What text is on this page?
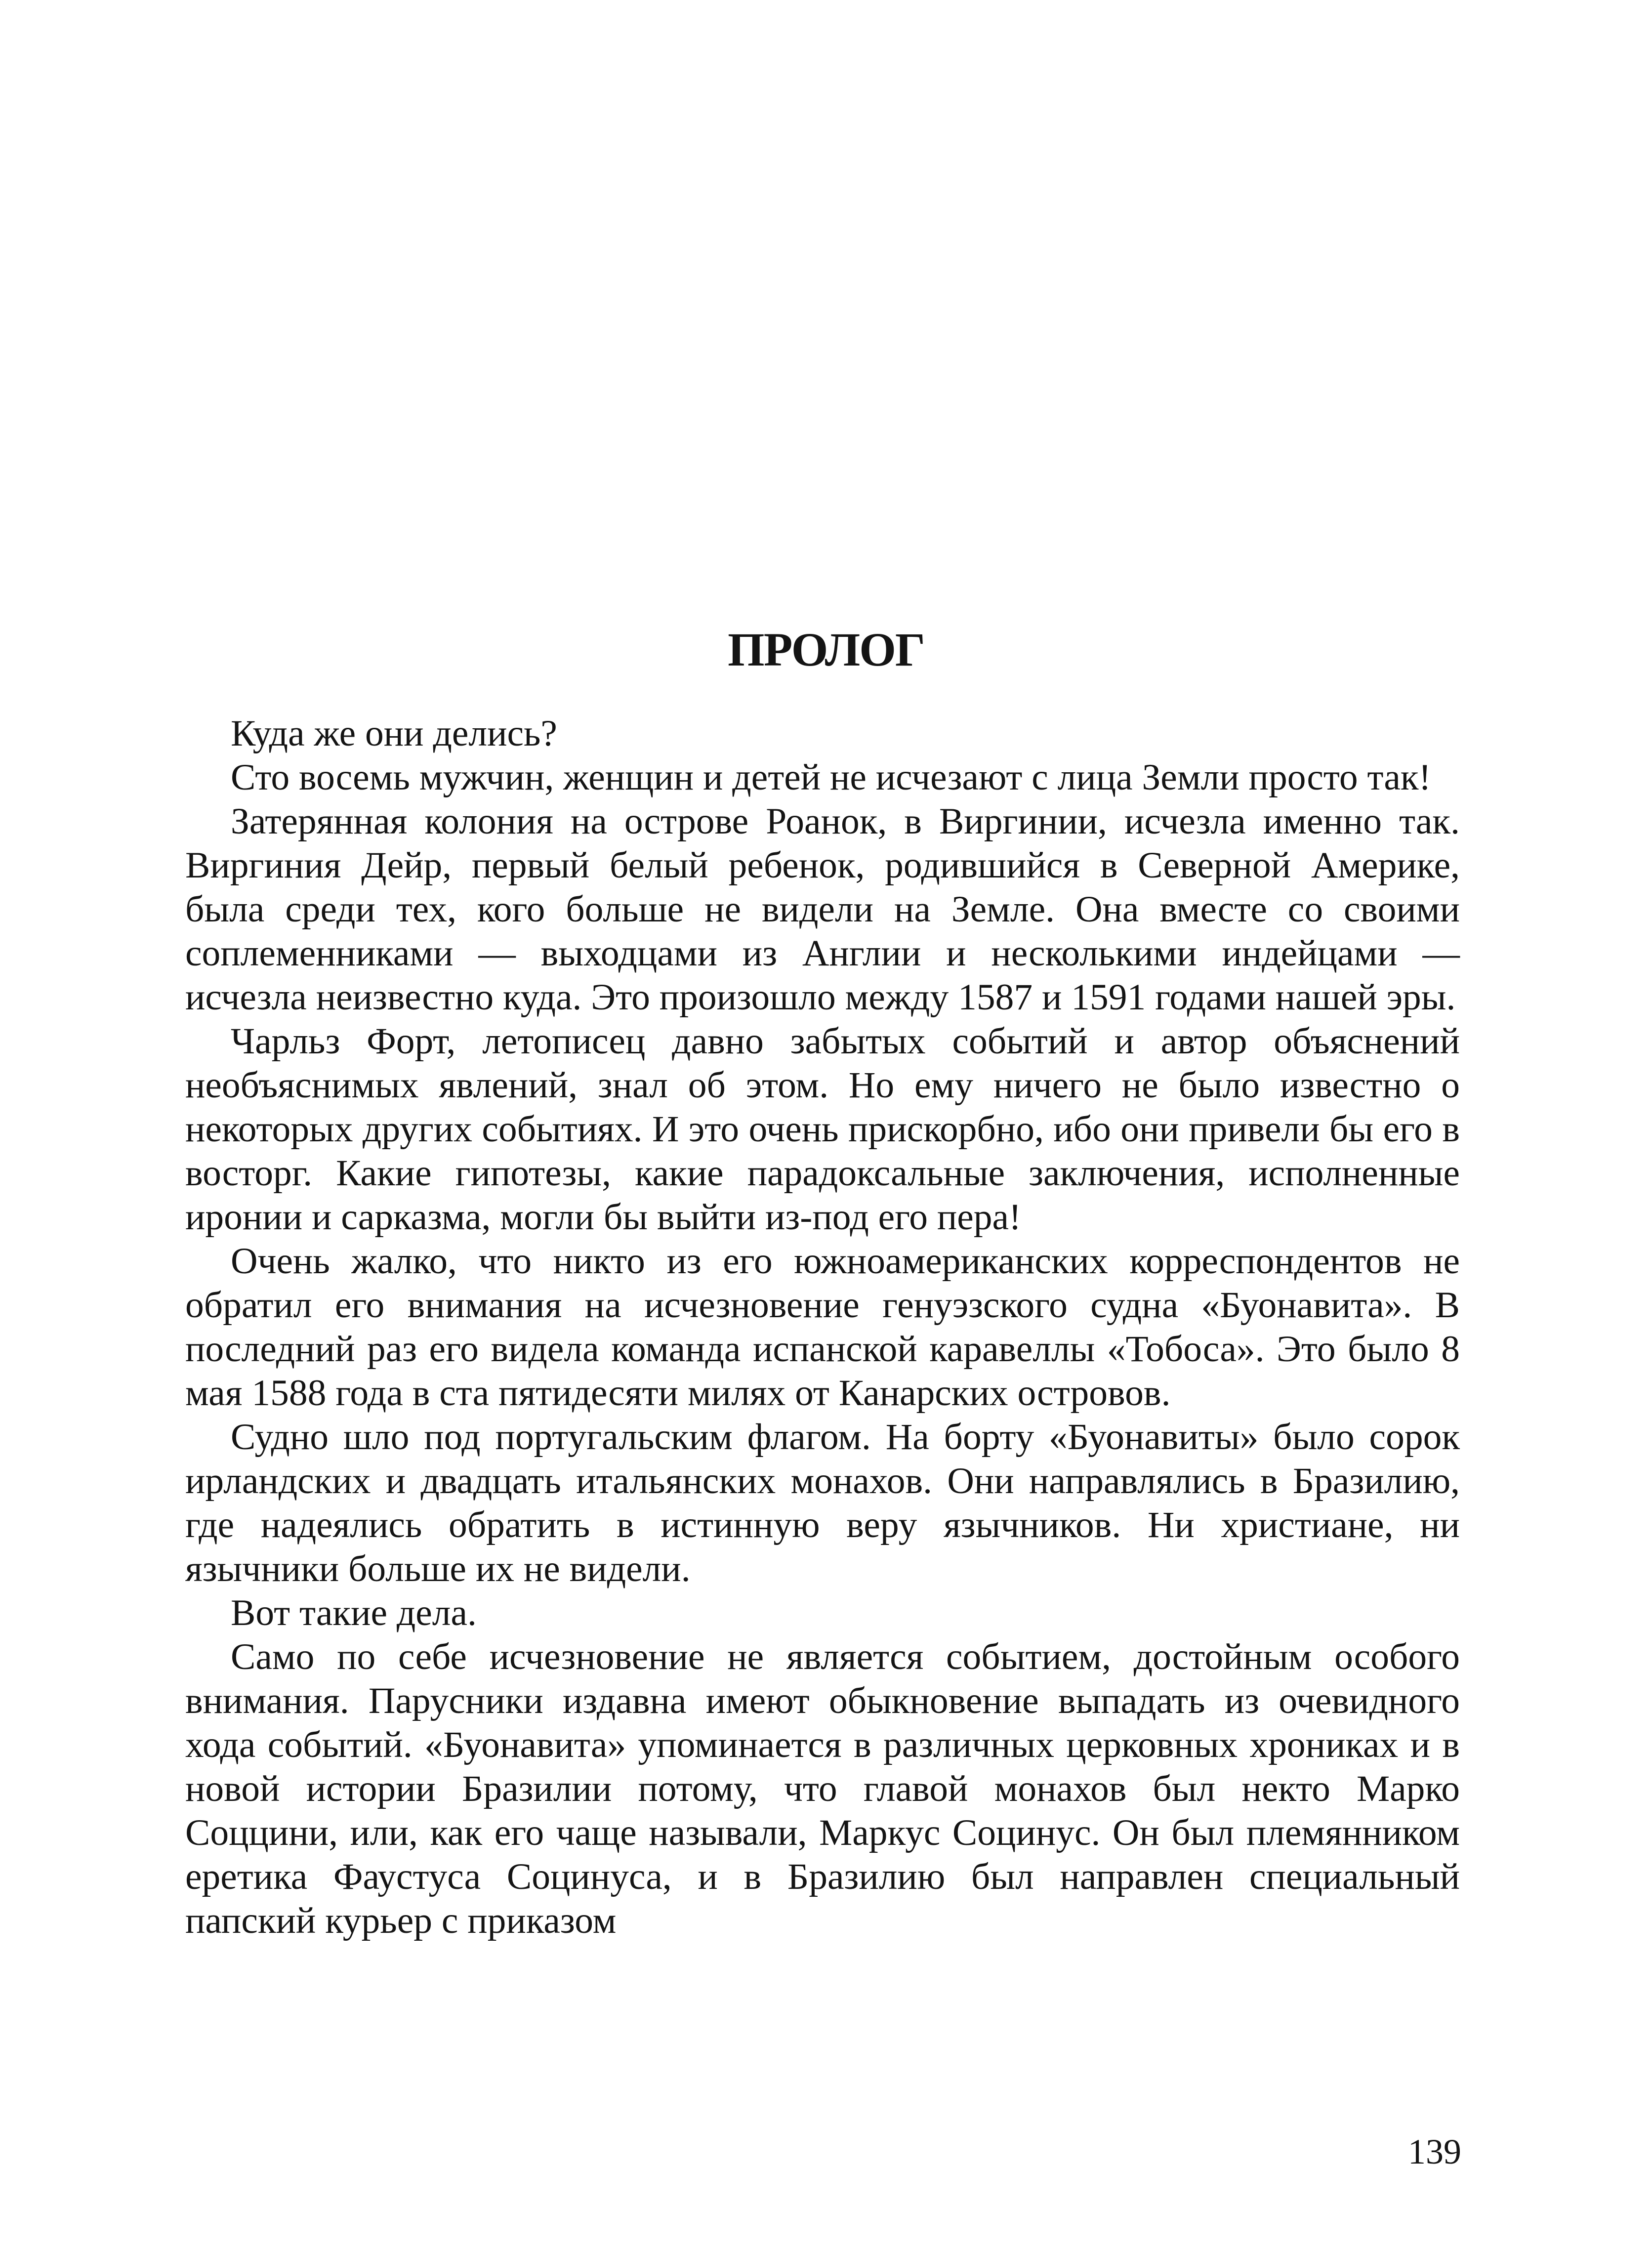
ПРОЛОГ

Куда же они делись?

Сто восемь мужчин, женщин и детей не исчезают с лица Земли просто так!

Затерянная колония на острове Роанок, в Виргинии, исчезла именно так. Виргиния Дейр, первый белый ребенок, родившийся в Северной Америке, была среди тех, кого больше не видели на Земле. Она вместе со своими соплеменниками — выходцами из Англии и несколькими индейцами — исчезла неизвестно куда. Это произошло между 1587 и 1591 годами нашей эры.

Чарльз Форт, летописец давно забытых событий и автор объяснений необъяснимых явлений, знал об этом. Но ему ничего не было известно о некоторых других событиях. И это очень прискорбно, ибо они привели бы его в восторг. Какие гипотезы, какие парадоксальные заключения, исполненные иронии и сарказма, могли бы выйти из-под его пера!

Очень жалко, что никто из его южноамериканских корреспондентов не обратил его внимания на исчезновение генуэзского судна «Буонавита». В последний раз его видела команда испанской каравеллы «Тобоса». Это было 8 мая 1588 года в ста пятидесяти милях от Канарских островов.

Судно шло под португальским флагом. На борту «Буонавиты» было сорок ирландских и двадцать итальянских монахов. Они направлялись в Бразилию, где надеялись обратить в истинную веру язычников. Ни христиане, ни язычники больше их не видели.

Вот такие дела.

Само по себе исчезновение не является событием, достойным особого внимания. Парусники издавна имеют обыкновение выпадать из очевидного хода событий. «Буонавита» упоминается в различных церковных хрониках и в новой истории Бразилии потому, что главой монахов был некто Марко Соццини, или, как его чаще называли, Маркус Социнус. Он был племянником еретика Фаустуса Социнуса, и в Бразилию был направлен специальный папский курьер с приказом

139
